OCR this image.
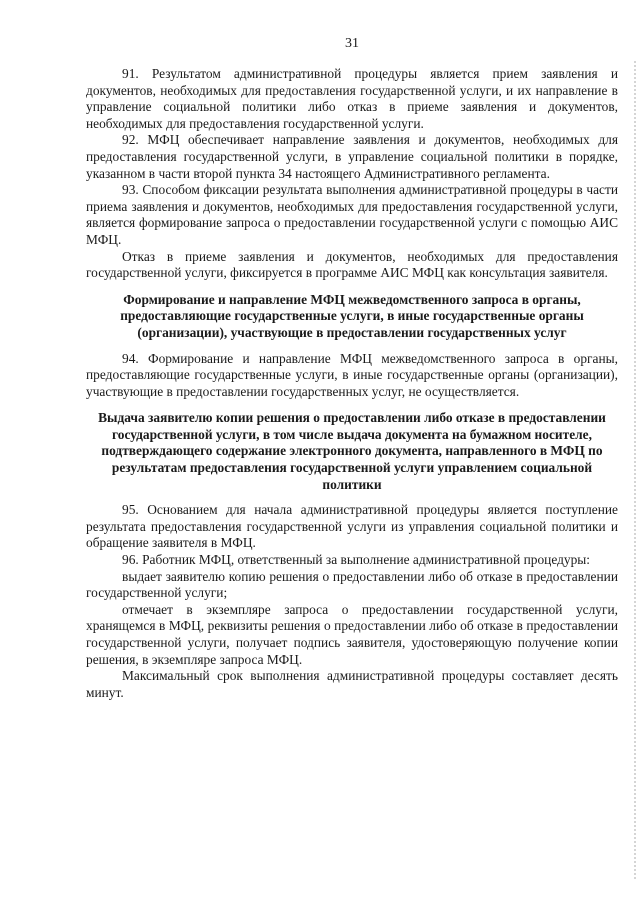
31

91. Результатом административной процедуры является прием заявления и документов, необходимых для предоставления государственной услуги, и их направление в управление социальной политики либо отказ в приеме заявления и документов, необходимых для предоставления государственной услуги.

92. МФЦ обеспечивает направление заявления и документов, необходимых для предоставления государственной услуги, в управление социальной политики в порядке, указанном в части второй пункта 34 настоящего Административного регламента.

93. Способом фиксации результата выполнения административной процедуры в части приема заявления и документов, необходимых для предоставления государственной услуги, является формирование запроса о предоставлении государственной услуги с помощью АИС МФЦ.

Отказ в приеме заявления и документов, необходимых для предоставления государственной услуги, фиксируется в программе АИС МФЦ как консультация заявителя.

Формирование и направление МФЦ межведомственного запроса в органы, предоставляющие государственные услуги, в иные государственные органы (организации), участвующие в предоставлении государственных услуг

94. Формирование и направление МФЦ межведомственного запроса в органы, предоставляющие государственные услуги, в иные государственные органы (организации), участвующие в предоставлении государственных услуг, не осуществляется.

Выдача заявителю копии решения о предоставлении либо отказе в предоставлении государственной услуги, в том числе выдача документа на бумажном носителе, подтверждающего содержание электронного документа, направленного в МФЦ по результатам предоставления государственной услуги управлением социальной политики

95. Основанием для начала административной процедуры является поступление результата предоставления государственной услуги из управления социальной политики и обращение заявителя в МФЦ.

96. Работник МФЦ, ответственный за выполнение административной процедуры:

выдает заявителю копию решения о предоставлении либо об отказе в предоставлении государственной услуги;

отмечает в экземпляре запроса о предоставлении государственной услуги, хранящемся в МФЦ, реквизиты решения о предоставлении либо об отказе в предоставлении государственной услуги, получает подпись заявителя, удостоверяющую получение копии решения, в экземпляре запроса МФЦ.

Максимальный срок выполнения административной процедуры составляет десять минут.
